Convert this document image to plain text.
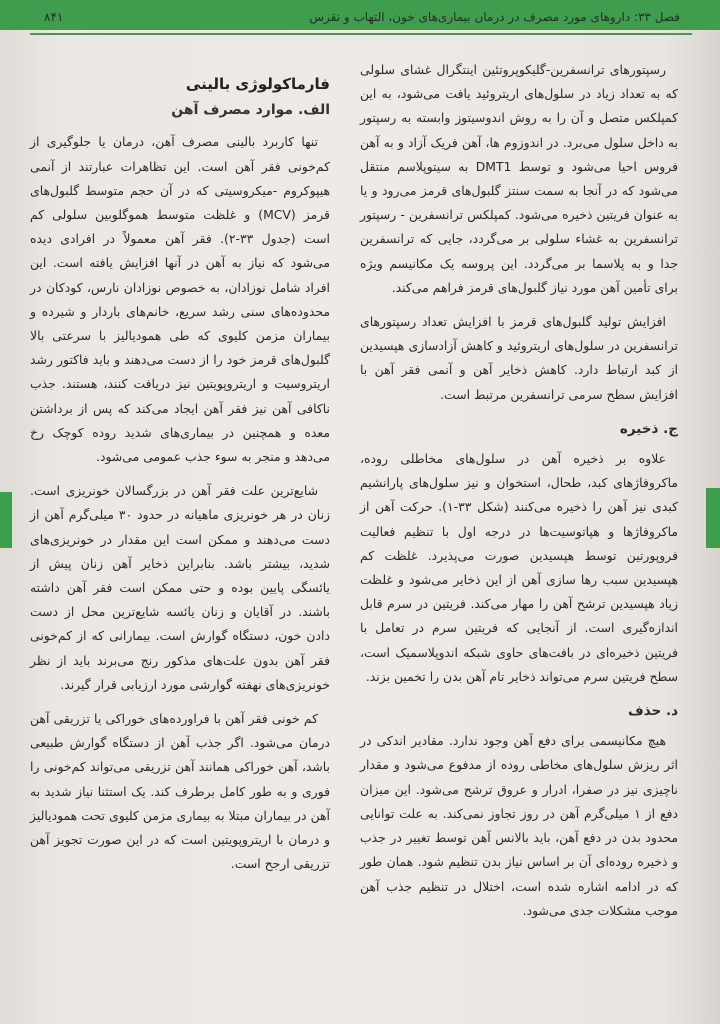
فصل ۳۳: داروهای مورد مصرف در درمان بیماری‌های خون، التهاب و نقرس
۸۴۱

رسپتورهای ترانسفرین-گلیکوپروتئین اینتگرال غشای سلولی که به تعداد زیاد در سلول‌های اریتروئید یافت می‌شود، به این کمپلکس متصل و آن را به روش اندوسیتوز وابسته به رسپتور به داخل سلول می‌برد. در اندوزوم ها، آهن فریک آزاد و به آهن فروس احیا می‌شود و توسط DMT1 به سیتوپلاسم منتقل می‌شود که در آنجا به سمت سنتز گلبول‌های قرمز می‌رود و یا به عنوان فریتین ذخیره می‌شود. کمپلکس ترانسفرین - رسپتور ترانسفرین به غشاء سلولی بر می‌گردد، جایی که ترانسفرین جدا و به پلاسما بر می‌گردد. این پروسه یک مکانیسم ویژه برای تأمین آهن مورد نیاز گلبول‌های قرمز فراهم می‌کند.

افزایش تولید گلبول‌های قرمز با افزایش تعداد رسپتورهای ترانسفرین در سلول‌های اریتروئید و کاهش آزادسازی هپسیدین از کبد ارتباط دارد. کاهش ذخایر آهن و آنمی فقر آهن با افزایش سطح سرمی ترانسفرین مرتبط است.

ج. ذخیره

علاوه بر ذخیره آهن در سلول‌های مخاطلی روده، ماکروفاژهای کبد، طحال، استخوان و نیز سلول‌های پارانشیم کبدی نیز آهن را ذخیره می‌کنند (شکل ۳۳-۱). حرکت آهن از ماکروفاژها و هپاتوسیت‌ها در درجه اول با تنظیم فعالیت فروپورتین توسط هپسیدین صورت می‌پذیرد. غلظت کم هپسیدین سبب رها سازی آهن از این ذخایر می‌شود و غلظت زیاد هپسیدین ترشح آهن را مهار می‌کند. فریتین در سرم قابل اندازه‌گیری است. از آنجایی که فریتین سرم در تعامل با فریتین ذخیره‌ای در بافت‌های حاوی شبکه اندوپلاسمیک است، سطح فریتین سرم می‌تواند ذخایر تام آهن بدن را تخمین بزند.

د. حذف

هیچ مکانیسمی برای دفع آهن وجود ندارد. مقادیر اندکی در اثر ریزش سلول‌های مخاطی روده از مدفوع می‌شود و مقدار ناچیزی نیز در صفرا، ادرار و عروق ترشح می‌شود. این میزان دفع از ۱ میلی‌گرم آهن در روز تجاوز نمی‌کند. به علت توانایی محدود بدن در دفع آهن، باید بالانس آهن توسط تغییر در جذب و ذخیره روده‌ای آن بر اساس نیاز بدن تنظیم شود. همان طور که در ادامه اشاره شده است، اختلال در تنظیم جذب آهن موجب مشکلات جدی می‌شود.

فارماکولوژی بالینی
الف. موارد مصرف آهن

تنها کاربرد بالینی مصرف آهن، درمان یا جلوگیری از کم‌خونی فقر آهن است. این تظاهرات عبارتند از آنمی هیپوکروم -میکروسیتی که در آن حجم متوسط گلبول‌های قرمز (MCV) و غلظت متوسط هموگلوبین سلولی کم است (جدول ۳۳-۲). فقر آهن معمولاً در افرادی دیده می‌شود که نیاز به آهن در آنها افزایش یافته است. این افراد شامل نوزادان، به خصوص نوزادان نارس، کودکان در محدوده‌های سنی رشد سریع، خانم‌های باردار و شیرده و بیماران مزمن کلیوی که طی همودیالیز با سرعتی بالا گلبول‌های قرمز خود را از دست می‌دهند و باید فاکتور رشد اریتروسیت و اریتروپویتین نیز دریافت کنند، هستند. جذب ناکافی آهن نیز فقر آهن ایجاد می‌کند که پس از برداشتن معده و همچنین در بیماری‌های شدید روده کوچک رخ می‌دهد و منجر به سوء جذب عمومی می‌شود.

شایع‌ترین علت فقر آهن در بزرگسالان خونریزی است. زنان در هر خونریزی ماهیانه در حدود ۳۰ میلی‌گرم آهن از دست می‌دهند و ممکن است این مقدار در خونریزی‌های شدید، بیشتر باشد. بنابراین ذخایر آهن زنان پیش از یائسگی پایین بوده و حتی ممکن است فقر آهن داشته باشند. در آقایان و زنان یائسه شایع‌ترین محل از دست دادن خون، دستگاه گوارش است. بیمارانی که از کم‌خونی فقر آهن بدون علت‌های مذکور رنج می‌برند باید از نظر خونریزی‌های نهفته گوارشی مورد ارزیابی قرار گیرند.

کم خونی فقر آهن با فراورده‌های خوراکی یا تزریقی آهن درمان می‌شود. اگر جذب آهن از دستگاه گوارش طبیعی باشد، آهن خوراکی همانند آهن تزریقی می‌تواند کم‌خونی را فوری و به طور کامل برطرف کند. یک استثنا نیاز شدید به آهن در بیماران مبتلا به بیماری مزمن کلیوی تحت همودیالیز و درمان با اریتروپویتین است که در این صورت تجویز آهن تزریقی ارجح است.
